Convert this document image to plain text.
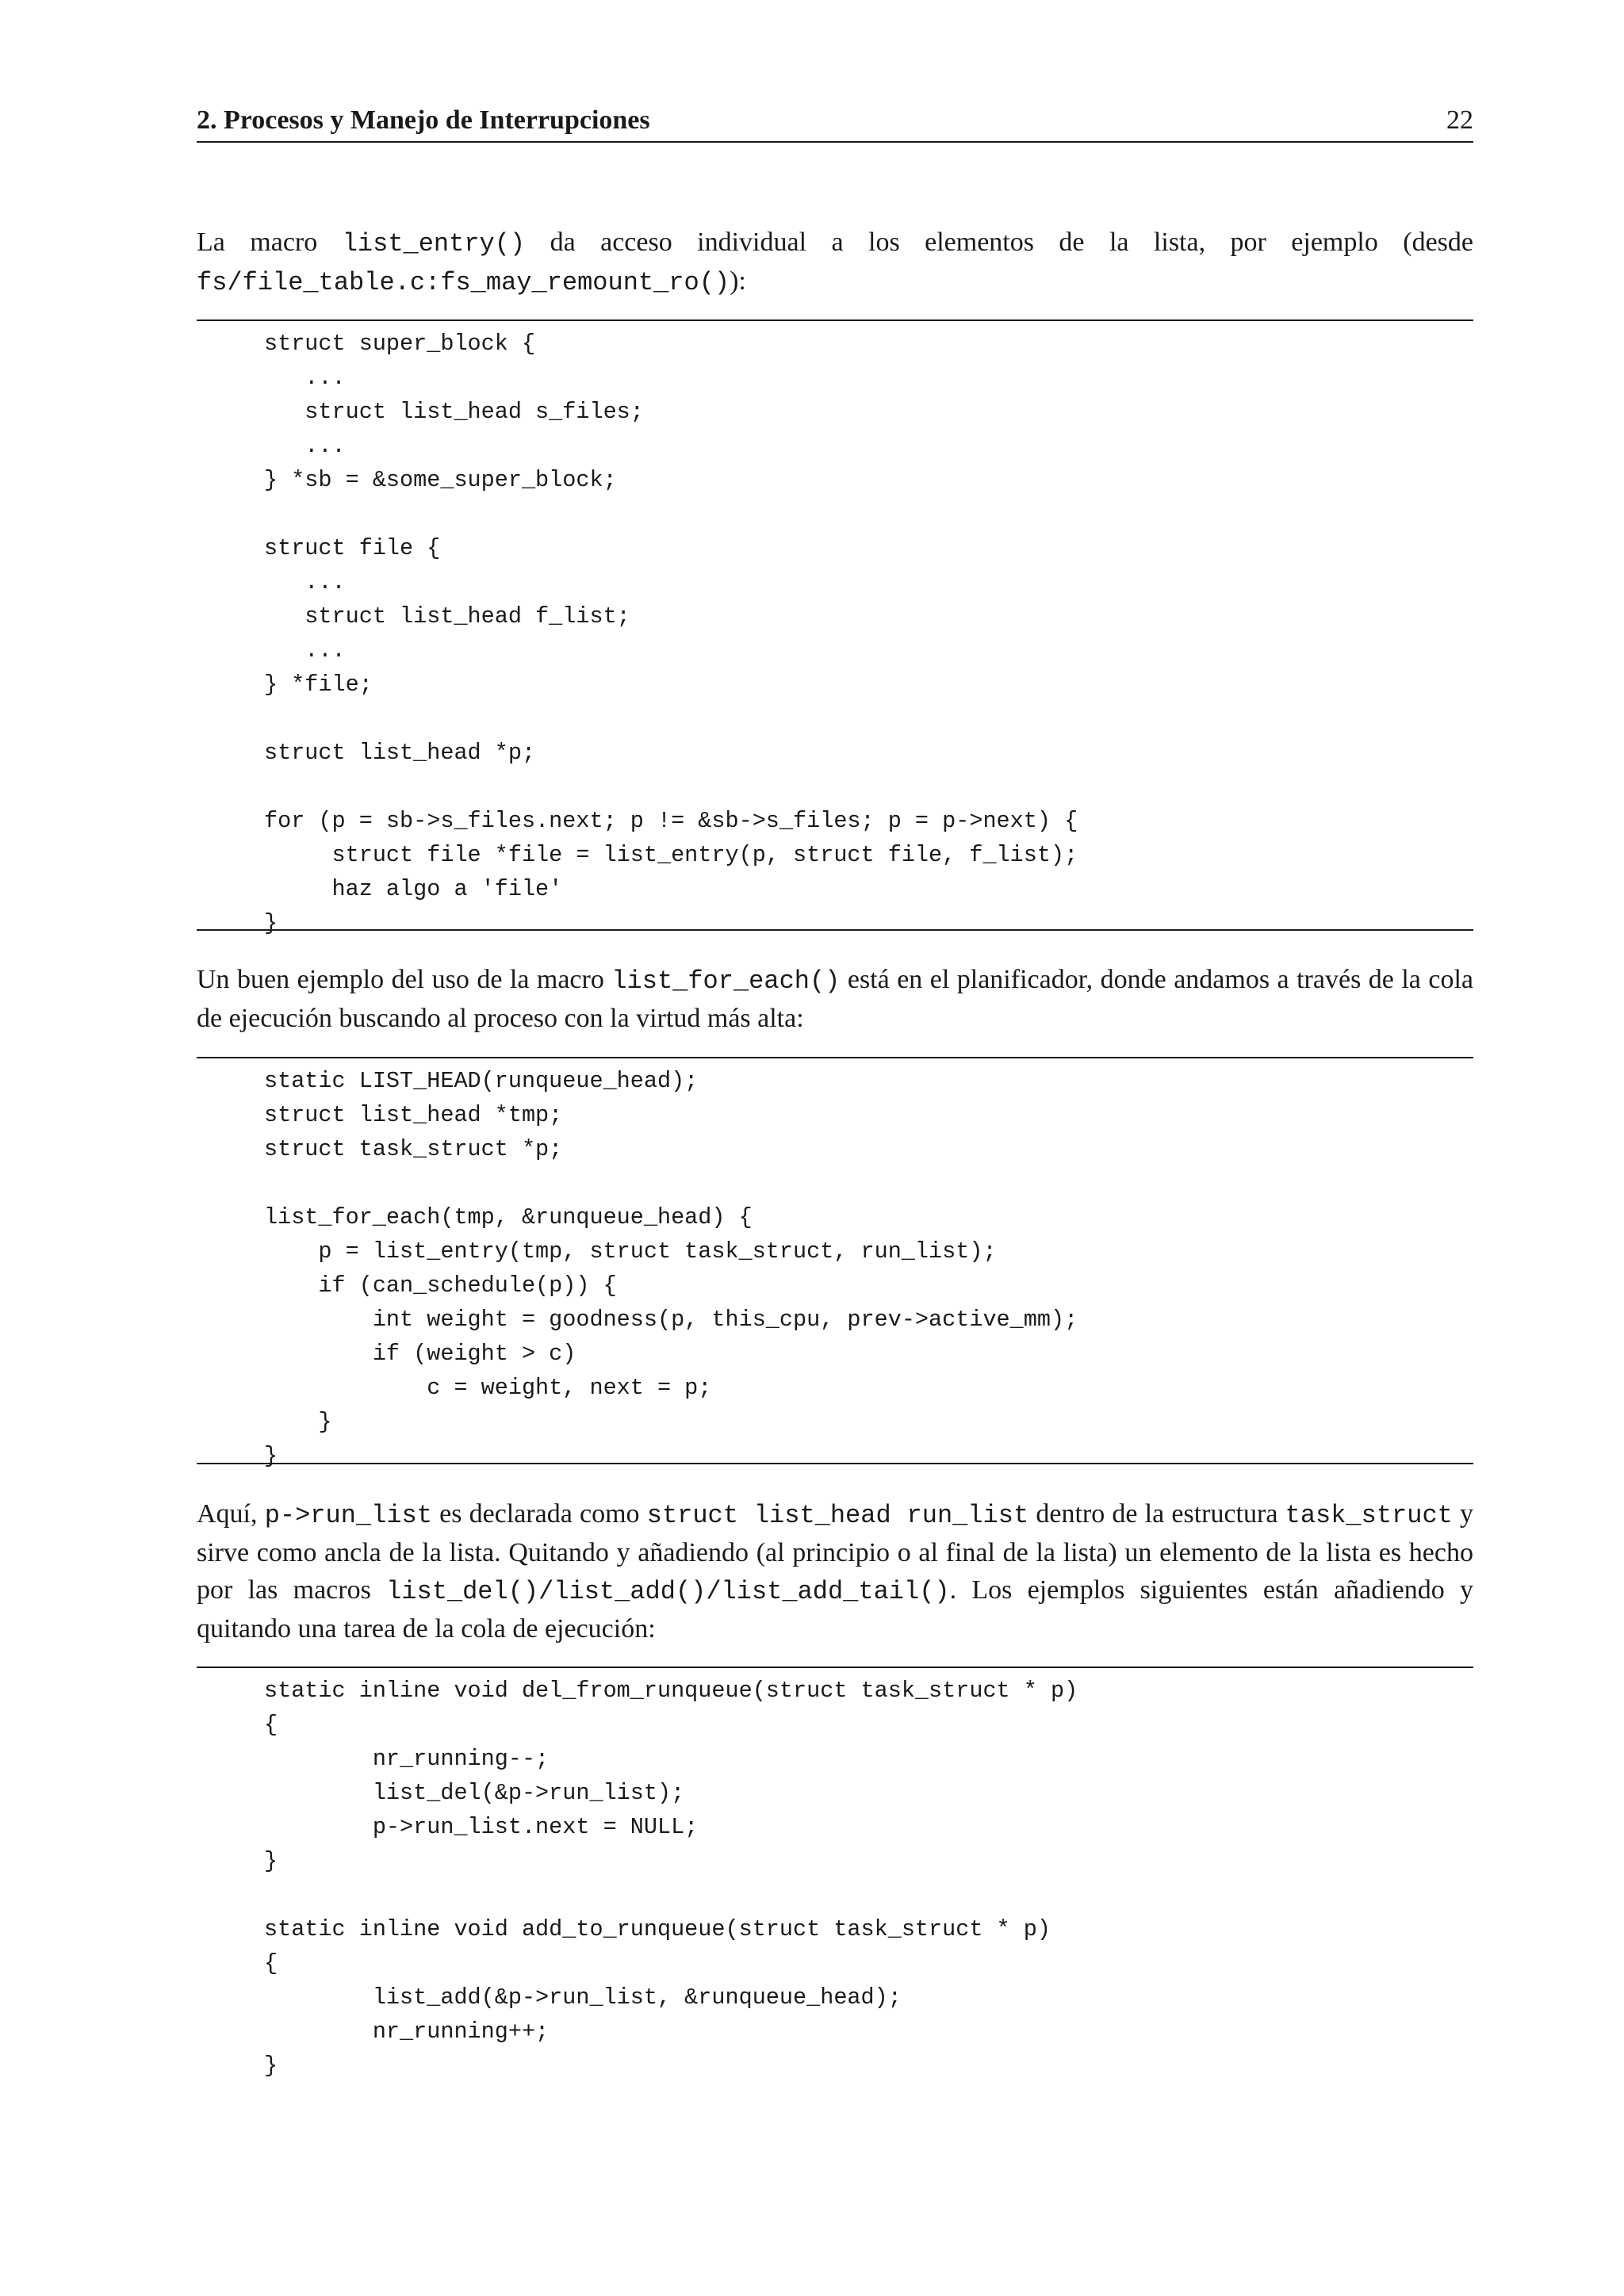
2. Procesos y Manejo de Interrupciones	22

La macro list_entry() da acceso individual a los elementos de la lista, por ejemplo (desde fs/file_table.c:fs_may_remount_ro()):

struct super_block {
...
struct list_head s_files;
...
} *sb = &some_super_block;

struct file {
...
struct list_head f_list;
...
} *file;

struct list_head *p;

for (p = sb->s_files.next; p != &sb->s_files; p = p->next) {
struct file *file = list_entry(p, struct file, f_list);
haz algo a 'file'
}

Un buen ejemplo del uso de la macro list_for_each() está en el planificador, donde andamos a través de la cola de ejecución buscando al proceso con la virtud más alta:

static LIST_HEAD(runqueue_head);
struct list_head *tmp;
struct task_struct *p;

list_for_each(tmp, &runqueue_head) {
p = list_entry(tmp, struct task_struct, run_list);
if (can_schedule(p)) {
int weight = goodness(p, this_cpu, prev->active_mm);
if (weight > c)
c = weight, next = p;
}
}

Aquí, p->run_list es declarada como struct list_head run_list dentro de la estructura task_struct y sirve como ancla de la lista. Quitando y añadiendo (al principio o al final de la lista) un elemento de la lista es hecho por las macros list_del()/list_add()/list_add_tail(). Los ejemplos siguientes están añadiendo y quitando una tarea de la cola de ejecución:

static inline void del_from_runqueue(struct task_struct * p)
{
nr_running--;
list_del(&p->run_list);
p->run_list.next = NULL;
}

static inline void add_to_runqueue(struct task_struct * p)
{
list_add(&p->run_list, &runqueue_head);
nr_running++;
}
